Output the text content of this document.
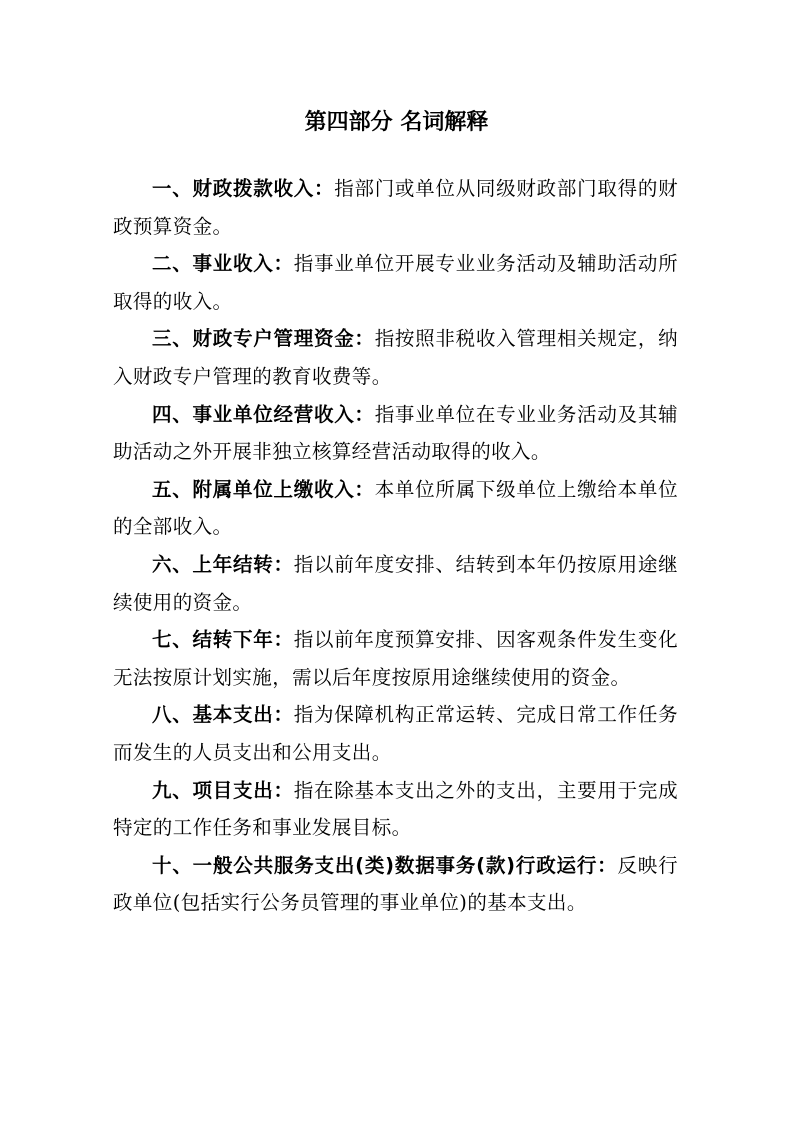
第四部分 名词解释

一、财政拨款收入：指部门或单位从同级财政部门取得的财政预算资金。

二、事业收入：指事业单位开展专业业务活动及辅助活动所取得的收入。

三、财政专户管理资金：指按照非税收入管理相关规定，纳入财政专户管理的教育收费等。

四、事业单位经营收入：指事业单位在专业业务活动及其辅助活动之外开展非独立核算经营活动取得的收入。

五、附属单位上缴收入：本单位所属下级单位上缴给本单位的全部收入。

六、上年结转：指以前年度安排、结转到本年仍按原用途继续使用的资金。

七、结转下年：指以前年度预算安排、因客观条件发生变化无法按原计划实施，需以后年度按原用途继续使用的资金。

八、基本支出：指为保障机构正常运转、完成日常工作任务而发生的人员支出和公用支出。

九、项目支出：指在除基本支出之外的支出，主要用于完成特定的工作任务和事业发展目标。

十、一般公共服务支出(类)数据事务(款)行政运行：反映行政单位(包括实行公务员管理的事业单位)的基本支出。
